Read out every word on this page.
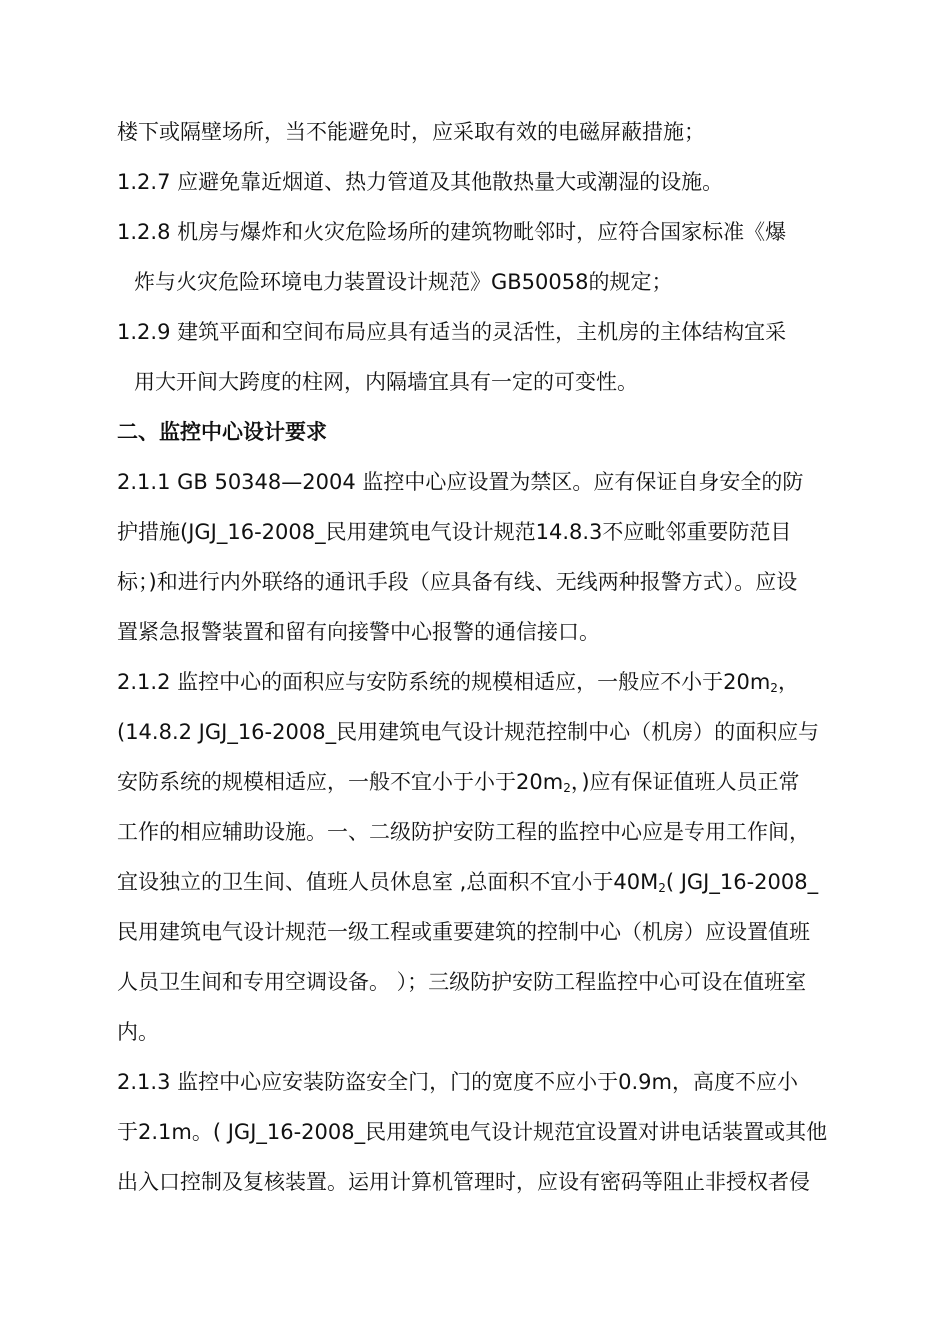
楼下或隔壁场所，当不能避免时，应采取有效的电磁屏蔽措施；
1.2.7 应避免靠近烟道、热力管道及其他散热量大或潮湿的设施。
1.2.8 机房与爆炸和火灾危险场所的建筑物毗邻时，应符合国家标准《爆
炸与火灾危险环境电力装置设计规范》GB50058的规定；
1.2.9 建筑平面和空间布局应具有适当的灵活性，主机房的主体结构宜采
用大开间大跨度的柱网，内隔墙宜具有一定的可变性。
二、监控中心设计要求
2.1.1 GB 50348—2004 监控中心应设置为禁区。应有保证自身安全的防
护措施(JGJ_16-2008_民用建筑电气设计规范14.8.3不应毗邻重要防范目
标；)和进行内外联络的通讯手段（应具备有线、无线两种报警方式）。应设
置紧急报警装置和留有向接警中心报警的通信接口。
2.1.2 监控中心的面积应与安防系统的规模相适应，一般应不小于$20m_2$，
(14.8.2 JGJ_16-2008_民用建筑电气设计规范控制中心（机房）的面积应与
安防系统的规模相适应，一般不宜小于小于$20m_2$，)应有保证值班人员正常
工作的相应辅助设施。一、二级防护安防工程的监控中心应是专用工作间，
宜设独立的卫生间、值班人员休息室 ,总面积不宜小于$40M_2$( JGJ_16-2008_
民用建筑电气设计规范一级工程或重要建筑的控制中心（机房）应设置值班
人员卫生间和专用空调设备。 ）；三级防护安防工程监控中心可设在值班室
内。
2.1.3 监控中心应安装防盗安全门，门的宽度不应小于0.9m，高度不应小
于2.1m。( JGJ_16-2008_民用建筑电气设计规范宜设置对讲电话装置或其他
出入口控制及复核装置。运用计算机管理时，应设有密码等阻止非授权者侵
